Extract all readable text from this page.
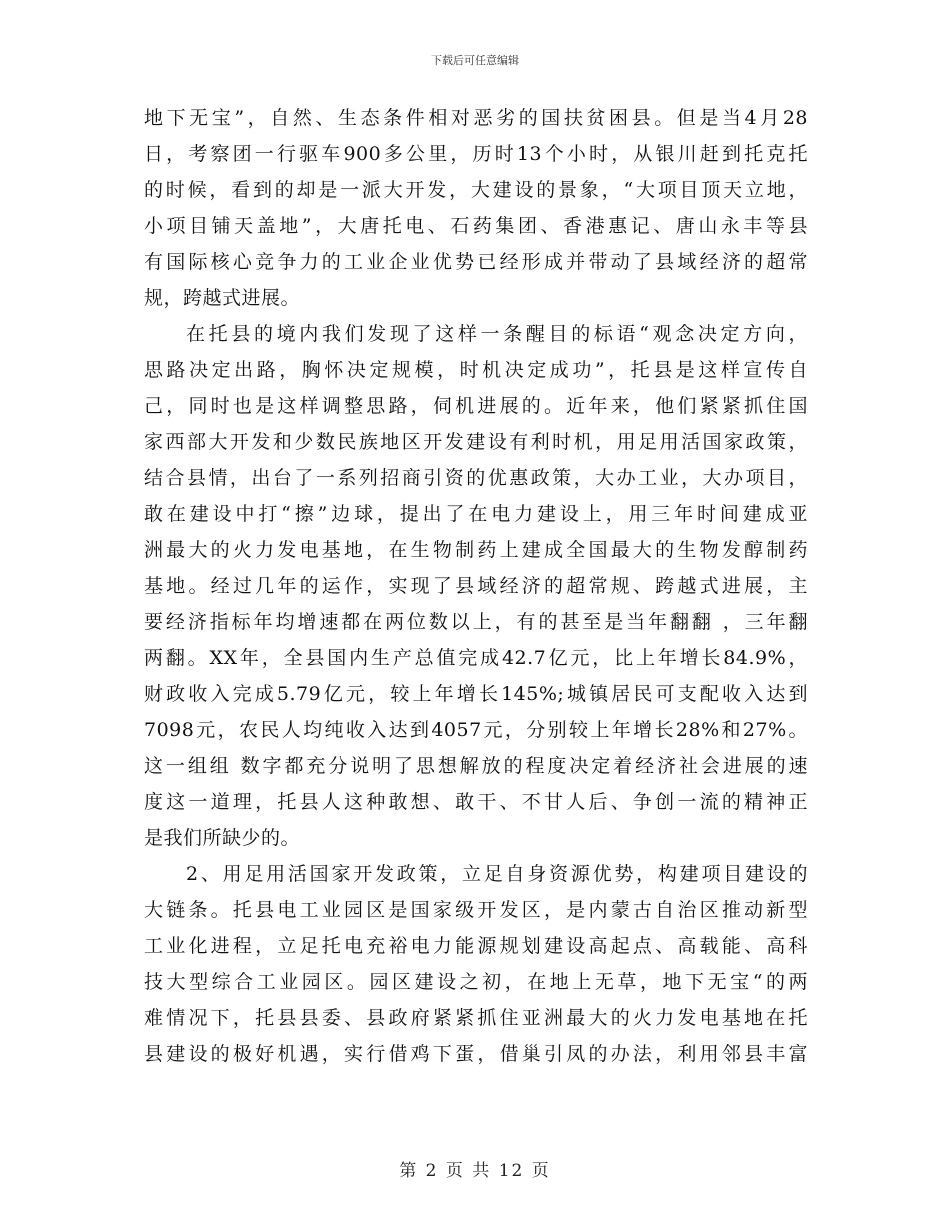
下载后可任意编辑
地下无宝”，自然、生态条件相对恶劣的国扶贫困县。但是当4月28
日，考察团一行驱车900多公里，历时13个小时，从银川赶到托克托
的时候，看到的却是一派大开发，大建设的景象，“大项目顶天立地，
小项目铺天盖地”，大唐托电、石药集团、香港惠记、唐山永丰等县
有国际核心竞争力的工业企业优势已经形成并带动了县域经济的超常
规，跨越式进展。
在托县的境内我们发现了这样一条醒目的标语“观念决定方向，
思路决定出路，胸怀决定规模，时机决定成功”，托县是这样宣传自
己，同时也是这样调整思路，伺机进展的。近年来，他们紧紧抓住国
家西部大开发和少数民族地区开发建设有利时机，用足用活国家政策，
结合县情，出台了一系列招商引资的优惠政策，大办工业，大办项目，
敢在建设中打“擦”边球，提出了在电力建设上，用三年时间建成亚
洲最大的火力发电基地，在生物制药上建成全国最大的生物发醇制药
基地。经过几年的运作，实现了县域经济的超常规、跨越式进展，主
要经济指标年均增速都在两位数以上，有的甚至是当年翻翻 ，三年翻
两翻。XX年，全县国内生产总值完成42.7亿元，比上年增长84.9%，
财政收入完成5.79亿元，较上年增长145%;城镇居民可支配收入达到
7098元，农民人均纯收入达到4057元，分别较上年增长28%和27%。
这一组组 数字都充分说明了思想解放的程度决定着经济社会进展的速
度这一道理，托县人这种敢想、敢干、不甘人后、争创一流的精神正
是我们所缺少的。
2、用足用活国家开发政策，立足自身资源优势，构建项目建设的
大链条。托县电工业园区是国家级开发区，是内蒙古自治区推动新型
工业化进程，立足托电充裕电力能源规划建设高起点、高载能、高科
技大型综合工业园区。园区建设之初，在地上无草，地下无宝“的两
难情况下，托县县委、县政府紧紧抓住亚洲最大的火力发电基地在托
县建设的极好机遇，实行借鸡下蛋，借巢引凤的办法，利用邻县丰富
第 2 页 共 12 页
